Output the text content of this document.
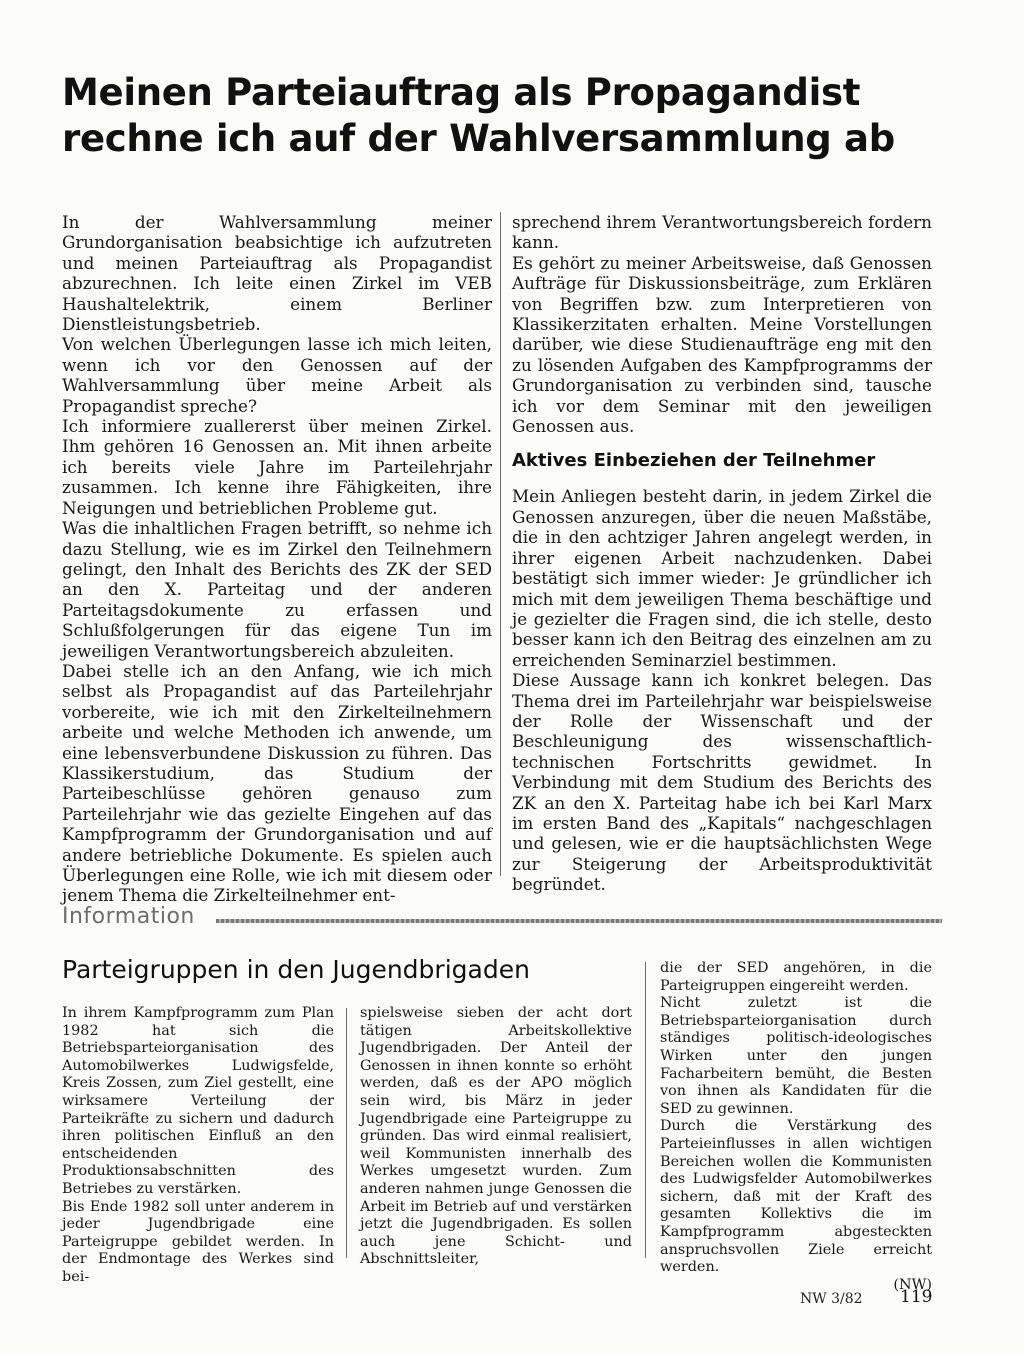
Meinen Parteiauftrag als Propagandist
rechne ich auf der Wahlversammlung ab

In der Wahlversammlung meiner Grundorganisation beabsichtige ich aufzutreten und meinen Parteiauftrag als Propagandist abzurechnen. Ich leite einen Zirkel im VEB Haushaltelektrik, einem Berliner Dienstleistungsbetrieb.

Von welchen Überlegungen lasse ich mich leiten, wenn ich vor den Genossen auf der Wahlversammlung über meine Arbeit als Propagandist spreche?

Ich informiere zuallererst über meinen Zirkel. Ihm gehören 16 Genossen an. Mit ihnen arbeite ich bereits viele Jahre im Parteilehrjahr zusammen. Ich kenne ihre Fähigkeiten, ihre Neigungen und betrieblichen Probleme gut.

Was die inhaltlichen Fragen betrifft, so nehme ich dazu Stellung, wie es im Zirkel den Teilnehmern gelingt, den Inhalt des Berichts des ZK der SED an den X. Parteitag und der anderen Parteitagsdokumente zu erfassen und Schlußfolgerungen für das eigene Tun im jeweiligen Verantwortungsbereich abzuleiten.

Dabei stelle ich an den Anfang, wie ich mich selbst als Propagandist auf das Parteilehrjahr vorbereite, wie ich mit den Zirkelteilnehmern arbeite und welche Methoden ich anwende, um eine lebensverbundene Diskussion zu führen. Das Klassikerstudium, das Studium der Parteibeschlüsse gehören genauso zum Parteilehrjahr wie das gezielte Eingehen auf das Kampfprogramm der Grundorganisation und auf andere betriebliche Dokumente. Es spielen auch Überlegungen eine Rolle, wie ich mit diesem oder jenem Thema die Zirkelteilnehmer ent-

sprechend ihrem Verantwortungsbereich fordern kann.

Es gehört zu meiner Arbeitsweise, daß Genossen Aufträge für Diskussionsbeiträge, zum Erklären von Begriffen bzw. zum Interpretieren von Klassikerzitaten erhalten. Meine Vorstellungen darüber, wie diese Studienaufträge eng mit den zu lösenden Aufgaben des Kampfprogramms der Grundorganisation zu verbinden sind, tausche ich vor dem Seminar mit den jeweiligen Genossen aus.

Aktives Einbeziehen der Teilnehmer

Mein Anliegen besteht darin, in jedem Zirkel die Genossen anzuregen, über die neuen Maßstäbe, die in den achtziger Jahren angelegt werden, in ihrer eigenen Arbeit nachzudenken. Dabei bestätigt sich immer wieder: Je gründlicher ich mich mit dem jeweiligen Thema beschäftige und je gezielter die Fragen sind, die ich stelle, desto besser kann ich den Beitrag des einzelnen am zu erreichenden Seminarziel bestimmen.

Diese Aussage kann ich konkret belegen. Das Thema drei im Parteilehrjahr war beispielsweise der Rolle der Wissenschaft und der Beschleunigung des wissenschaftlich-technischen Fortschritts gewidmet. In Verbindung mit dem Studium des Berichts des ZK an den X. Parteitag habe ich bei Karl Marx im ersten Band des „Kapitals“ nachgeschlagen und gelesen, wie er die hauptsächlichsten Wege zur Steigerung der Arbeitsproduktivität begründet.

Information
Parteigruppen in den Jugendbrigaden

In ihrem Kampfprogramm zum Plan 1982 hat sich die Betriebsparteiorganisation des Automobilwerkes Ludwigsfelde, Kreis Zossen, zum Ziel gestellt, eine wirksamere Verteilung der Parteikräfte zu sichern und dadurch ihren politischen Einfluß an den entscheidenden Produktionsabschnitten des Betriebes zu verstärken.

Bis Ende 1982 soll unter anderem in jeder Jugendbrigade eine Parteigruppe gebildet werden. In der Endmontage des Werkes sind bei-

spielsweise sieben der acht dort tätigen Arbeitskollektive Jugendbrigaden. Der Anteil der Genossen in ihnen konnte so erhöht werden, daß es der APO möglich sein wird, bis März in jeder Jugendbrigade eine Parteigruppe zu gründen. Das wird einmal realisiert, weil Kommunisten innerhalb des Werkes umgesetzt wurden. Zum anderen nahmen junge Genossen die Arbeit im Betrieb auf und verstärken jetzt die Jugendbrigaden. Es sollen auch jene Schicht- und Abschnittsleiter,

die der SED angehören, in die Parteigruppen eingereiht werden.

Nicht zuletzt ist die Betriebsparteiorganisation durch ständiges politisch-ideologisches Wirken unter den jungen Facharbeitern bemüht, die Besten von ihnen als Kandidaten für die SED zu gewinnen.

Durch die Verstärkung des Parteieinflusses in allen wichtigen Bereichen wollen die Kommunisten des Ludwigsfelder Automobilwerkes sichern, daß mit der Kraft des gesamten Kollektivs die im Kampfprogramm abgesteckten anspruchsvollen Ziele erreicht werden.

(NW)

NW 3/82 119
